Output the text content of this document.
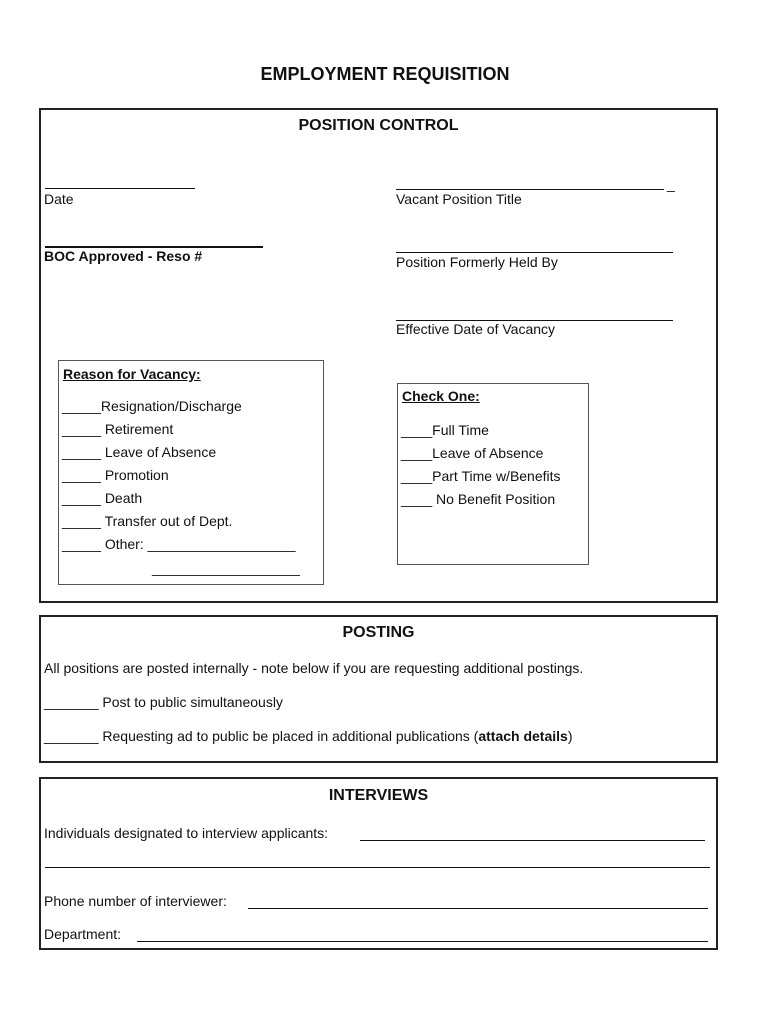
EMPLOYMENT REQUISITION
POSITION CONTROL
Date
BOC Approved - Reso #
_
Vacant Position Title
Position Formerly Held By
Effective Date of Vacancy
Reason for Vacancy:
_____Resignation/Discharge
_____ Retirement
_____ Leave of Absence
_____ Promotion
_____ Death
_____ Transfer out of Dept.
_____ Other: ___________________
___________________
Check One:
____Full Time
____Leave of Absence
____Part Time w/Benefits
____ No Benefit Position
POSTING
All positions are posted internally - note below if you are requesting additional postings.
_______ Post to public simultaneously
_______ Requesting ad to public be placed in additional publications (attach details)
INTERVIEWS
Individuals designated to interview applicants:
Phone number of interviewer:
Department:
